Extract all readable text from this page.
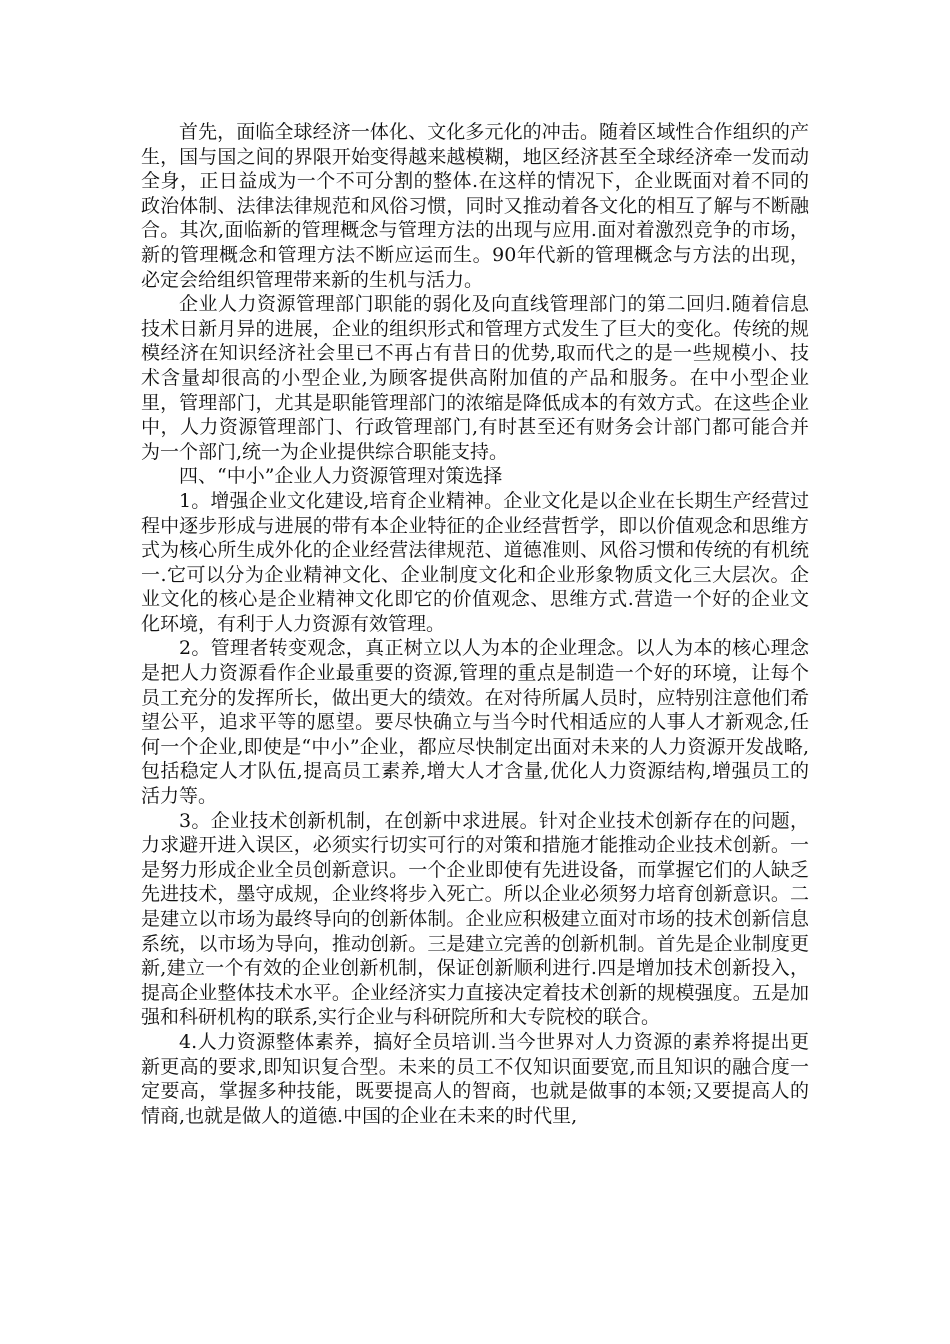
首先，面临全球经济一体化、文化多元化的冲击。随着区域性合作组织的产生，国与国之间的界限开始变得越来越模糊，地区经济甚至全球经济牵一发而动全身，正日益成为一个不可分割的整体.在这样的情况下，企业既面对着不同的政治体制、法律法律规范和风俗习惯，同时又推动着各文化的相互了解与不断融合。其次,面临新的管理概念与管理方法的出现与应用.面对着激烈竞争的市场，新的管理概念和管理方法不断应运而生。90年代新的管理概念与方法的出现，必定会给组织管理带来新的生机与活力。

企业人力资源管理部门职能的弱化及向直线管理部门的第二回归.随着信息技术日新月异的进展，企业的组织形式和管理方式发生了巨大的变化。传统的规模经济在知识经济社会里已不再占有昔日的优势,取而代之的是一些规模小、技术含量却很高的小型企业,为顾客提供高附加值的产品和服务。在中小型企业里，管理部门，尤其是职能管理部门的浓缩是降低成本的有效方式。在这些企业中，人力资源管理部门、行政管理部门,有时甚至还有财务会计部门都可能合并为一个部门,统一为企业提供综合职能支持。

四、“中小”企业人力资源管理对策选择

1。增强企业文化建设,培育企业精神。企业文化是以企业在长期生产经营过程中逐步形成与进展的带有本企业特征的企业经营哲学，即以价值观念和思维方式为核心所生成外化的企业经营法律规范、道德准则、风俗习惯和传统的有机统一.它可以分为企业精神文化、企业制度文化和企业形象物质文化三大层次。企业文化的核心是企业精神文化即它的价值观念、思维方式.营造一个好的企业文化环境，有利于人力资源有效管理。

2。管理者转变观念，真正树立以人为本的企业理念。以人为本的核心理念是把人力资源看作企业最重要的资源,管理的重点是制造一个好的环境，让每个员工充分的发挥所长，做出更大的绩效。在对待所属人员时，应特别注意他们希望公平，追求平等的愿望。要尽快确立与当今时代相适应的人事人才新观念,任何一个企业,即使是“中小”企业，都应尽快制定出面对未来的人力资源开发战略,包括稳定人才队伍,提高员工素养,增大人才含量,优化人力资源结构,增强员工的活力等。

3。企业技术创新机制，在创新中求进展。针对企业技术创新存在的问题，力求避开进入误区，必须实行切实可行的对策和措施才能推动企业技术创新。一是努力形成企业全员创新意识。一个企业即使有先进设备，而掌握它们的人缺乏先进技术，墨守成规，企业终将步入死亡。所以企业必须努力培育创新意识。二是建立以市场为最终导向的创新体制。企业应积极建立面对市场的技术创新信息系统，以市场为导向，推动创新。三是建立完善的创新机制。首先是企业制度更新,建立一个有效的企业创新机制，保证创新顺利进行.四是增加技术创新投入，提高企业整体技术水平。企业经济实力直接决定着技术创新的规模强度。五是加强和科研机构的联系,实行企业与科研院所和大专院校的联合。

4.人力资源整体素养，搞好全员培训.当今世界对人力资源的素养将提出更新更高的要求,即知识复合型。未来的员工不仅知识面要宽,而且知识的融合度一定要高，掌握多种技能，既要提高人的智商，也就是做事的本领;又要提高人的情商,也就是做人的道德.中国的企业在未来的时代里,
